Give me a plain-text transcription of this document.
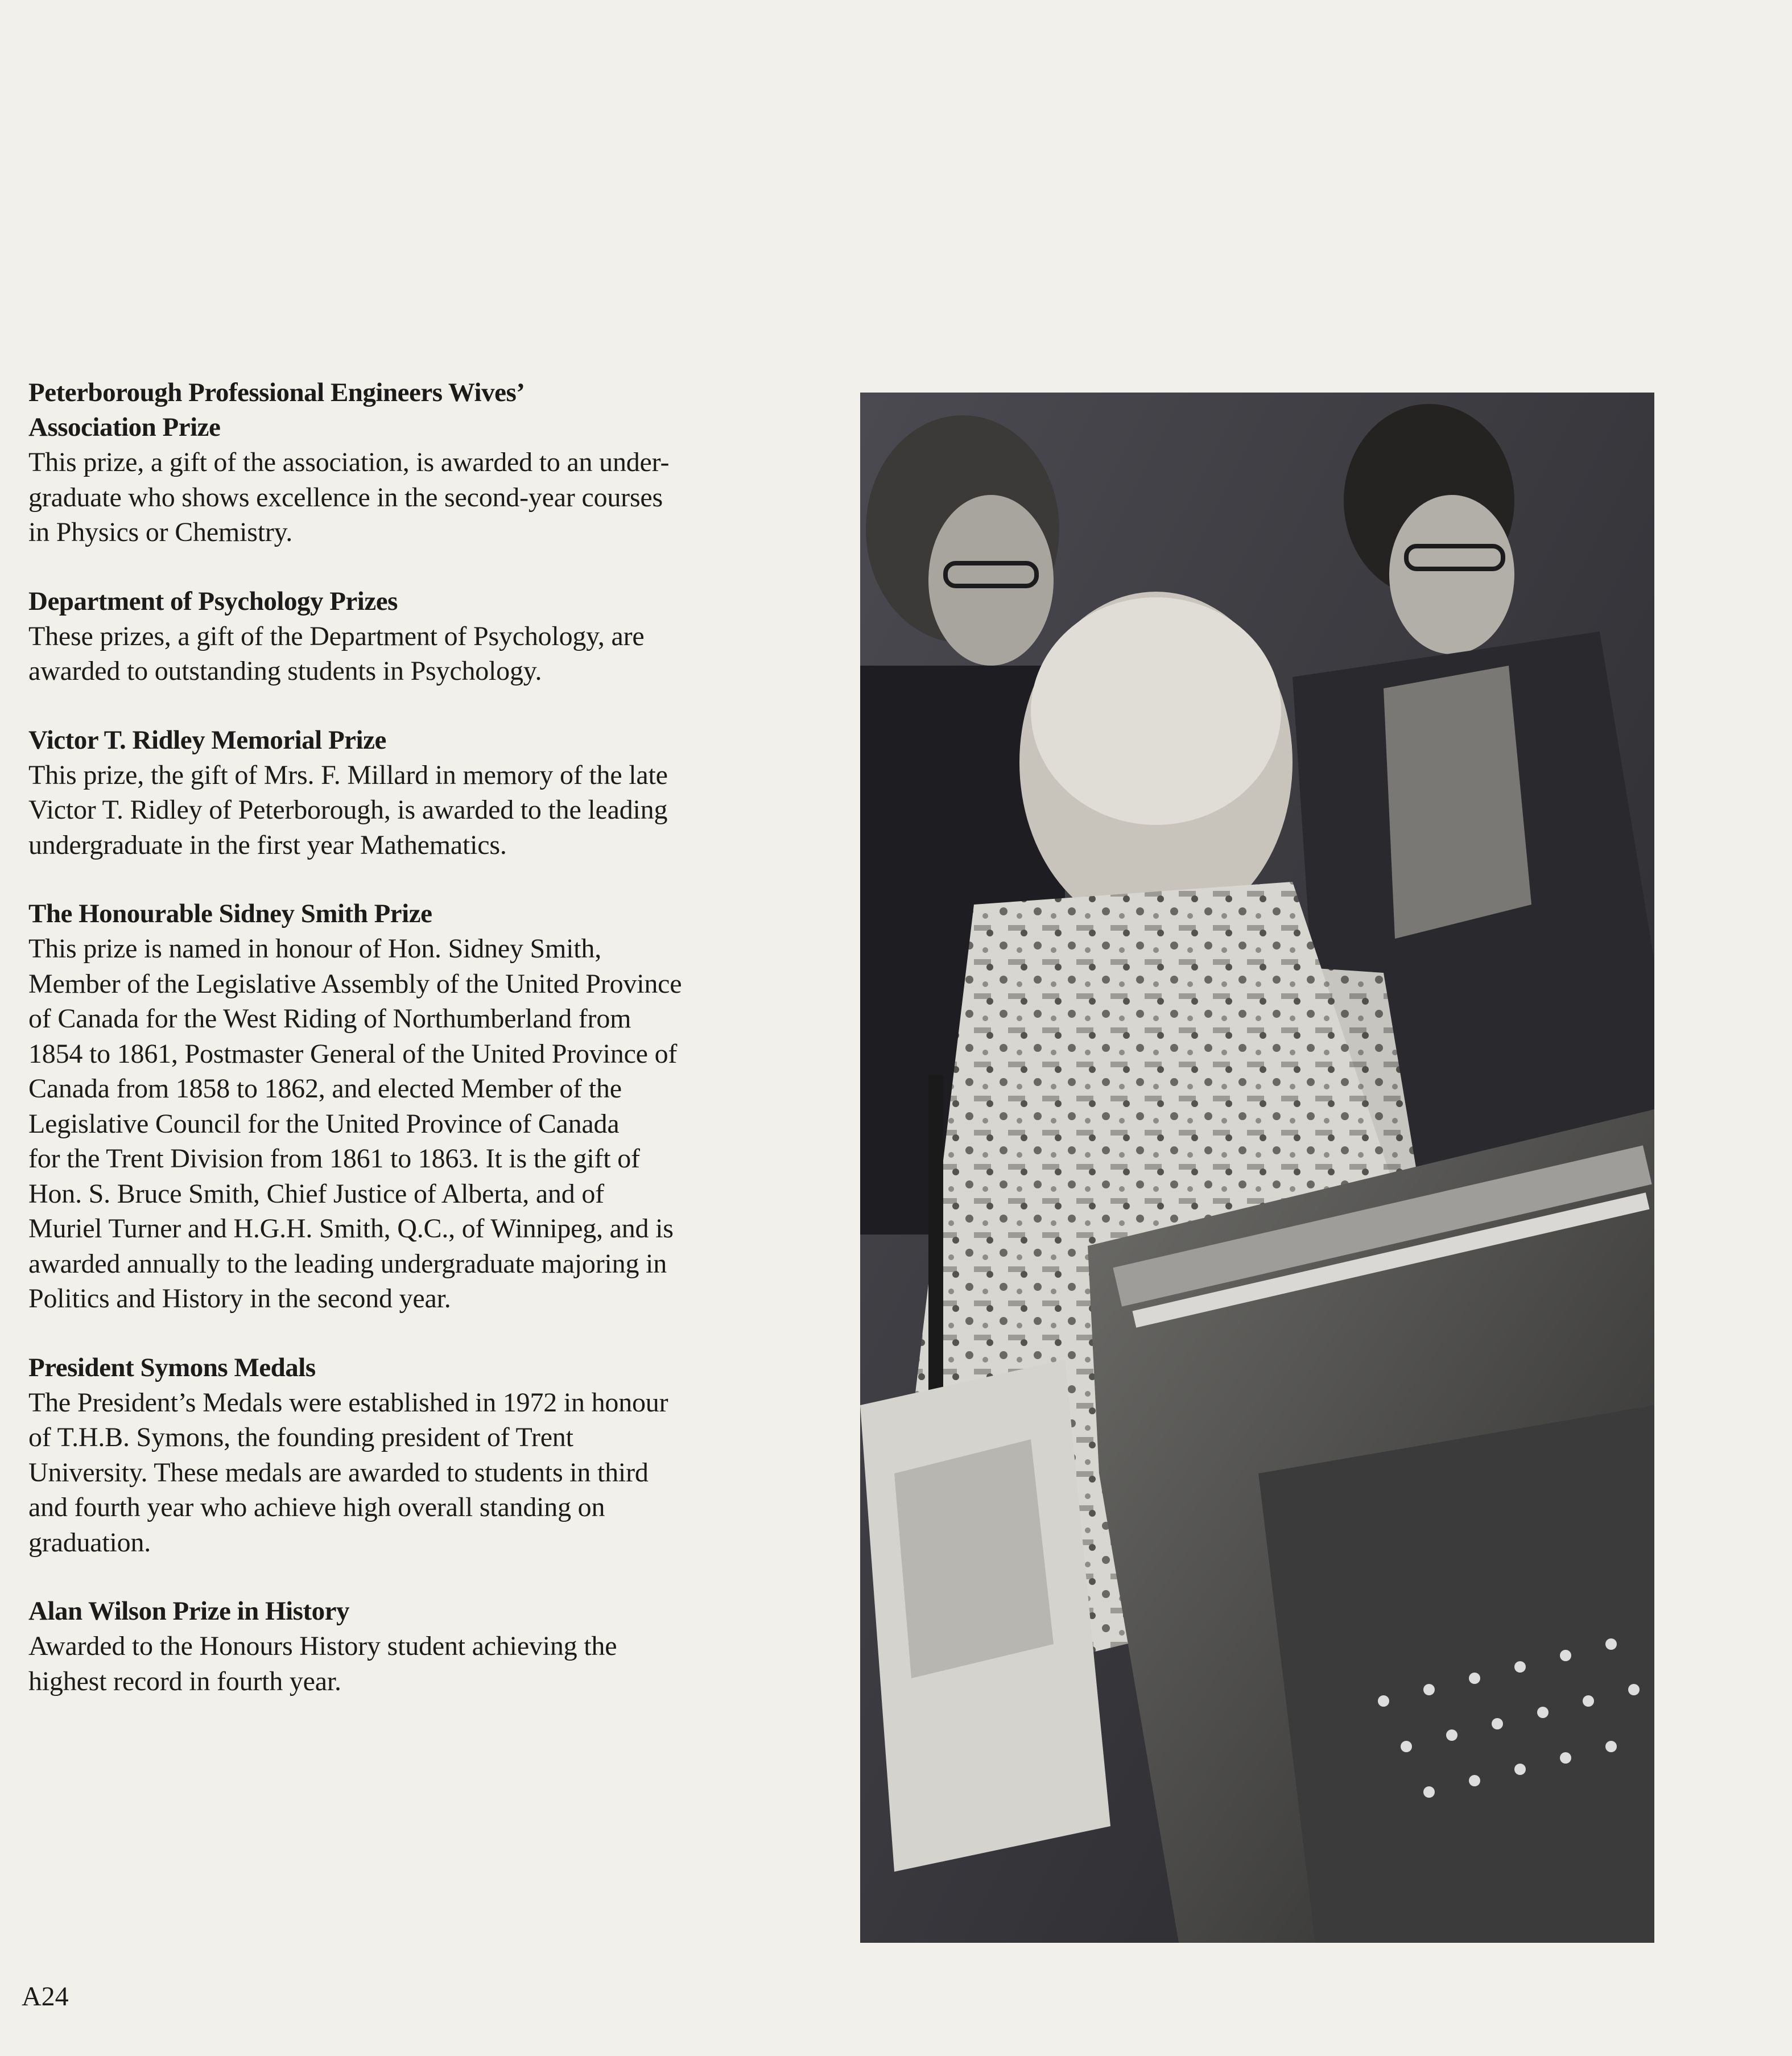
Peterborough Professional Engineers Wives’
Association Prize

This prize, a gift of the association, is awarded to an under-
graduate who shows excellence in the second-year courses
in Physics or Chemistry.

Department of Psychology Prizes

These prizes, a gift of the Department of Psychology, are
awarded to outstanding students in Psychology.

Victor T. Ridley Memorial Prize

This prize, the gift of Mrs. F. Millard in memory of the late
Victor T. Ridley of Peterborough, is awarded to the leading
undergraduate in the first year Mathematics.

The Honourable Sidney Smith Prize

This prize is named in honour of Hon. Sidney Smith,
Member of the Legislative Assembly of the United Province
of Canada for the West Riding of Northumberland from
1854 to 1861, Postmaster General of the United Province of
Canada from 1858 to 1862, and elected Member of the
Legislative Council for the United Province of Canada
for the Trent Division from 1861 to 1863. It is the gift of
Hon. S. Bruce Smith, Chief Justice of Alberta, and of
Muriel Turner and H.G.H. Smith, Q.C., of Winnipeg, and is
awarded annually to the leading undergraduate majoring in
Politics and History in the second year.

President Symons Medals

The President’s Medals were established in 1972 in honour
of T.H.B. Symons, the founding president of Trent
University. These medals are awarded to students in third
and fourth year who achieve high overall standing on
graduation.

Alan Wilson Prize in History

Awarded to the Honours History student achieving the
highest record in fourth year.

A24
